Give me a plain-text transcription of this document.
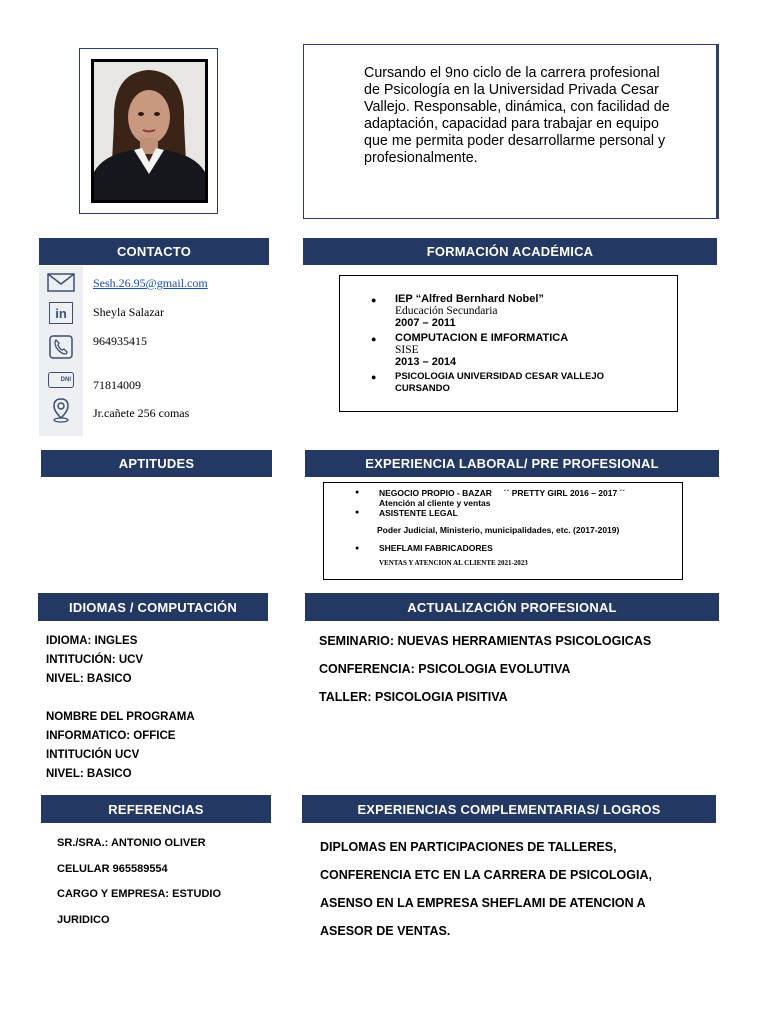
Cursando el 9no ciclo de la carrera profesional de Psicología en la Universidad Privada Cesar Vallejo. Responsable, dinámica, con facilidad de adaptación, capacidad para trabajar en equipo que me permita poder desarrollarme personal y profesionalmente.
CONTACTO	FORMACIÓN ACADÉMICA
APTITUDES	EXPERIENCIA LABORAL/ PRE PROFESIONAL
IDIOMAS / COMPUTACIÓN	ACTUALIZACIÓN PROFESIONAL
REFERENCIAS	EXPERIENCIAS COMPLEMENTARIAS/ LOGROS
Sesh.26.95@gmail.com
in	Sheyla Salazar
964935415
DNI 71814009
Jr.cañete 256 comas
● IEP “Alfred Bernhard Nobel”
Educación Secundaria
2007 – 2011
● COMPUTACION E IMFORMATICA
SISE
2013 – 2014
● PSICOLOGIA UNIVERSIDAD CESAR VALLEJO
CURSANDO
● NEGOCIO PROPIO - BAZAR     ´´ PRETTY GIRL 2016 – 2017 ´´
Atención al cliente y ventas
● ASISTENTE LEGAL
Poder Judicial, Ministerio, municipalidades, etc. (2017-2019)
● SHEFLAMI FABRICADORES
VENTAS Y ATENCION AL CLIENTE 2021-2023
IDIOMA: INGLES
INTITUCIÓN: UCV
NIVEL: BASICO
NOMBRE DEL PROGRAMA
INFORMATICO: OFFICE
INTITUCIÓN UCV
NIVEL: BASICO
SEMINARIO: NUEVAS HERRAMIENTAS PSICOLOGICAS
CONFERENCIA: PSICOLOGIA EVOLUTIVA
TALLER: PSICOLOGIA PISITIVA
SR./SRA.: ANTONIO OLIVER
CELULAR 965589554
CARGO Y EMPRESA: ESTUDIO
JURIDICO
DIPLOMAS EN PARTICIPACIONES DE TALLERES,
CONFERENCIA ETC EN LA CARRERA DE PSICOLOGIA,
ASENSO EN LA EMPRESA SHEFLAMI DE ATENCION A
ASESOR DE VENTAS.
